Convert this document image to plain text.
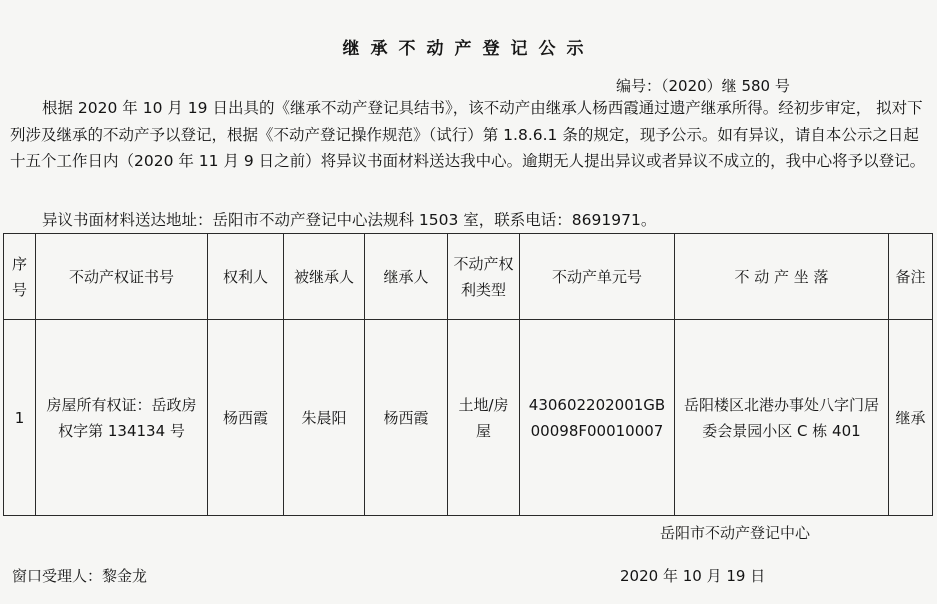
继承不动产登记公示
编号：（2020）继 580 号

根据 2020 年 10 月 19 日出具的《继承不动产登记具结书》，该不动产由继承人杨西霞通过遗产继承所得。经初步审定， 拟对下列涉及继承的不动产予以登记，根据《不动产登记操作规范》（试行）第 1.8.6.1 条的规定，现予公示。如有异议，请自本公示之日起十五个工作日内（2020 年 11 月 9 日之前）将异议书面材料送达我中心。逾期无人提出异议或者异议不成立的，我中心将予以登记。

异议书面材料送达地址：岳阳市不动产登记中心法规科 1503 室，联系电话：8691971。
序号	不动产权证书号	权利人	被继承人	继承人	不动产权利类型	不动产单元号	不 动 产 坐 落	备注
1	房屋所有权证：岳政房权字第 134134 号	杨西霞	朱晨阳	杨西霞	土地/房屋	430602202001GB00098F00010007	岳阳楼区北港办事处八字门居委会景园小区 C 栋 401	继承
岳阳市不动产登记中心
窗口受理人：黎金龙	2020 年 10 月 19 日
